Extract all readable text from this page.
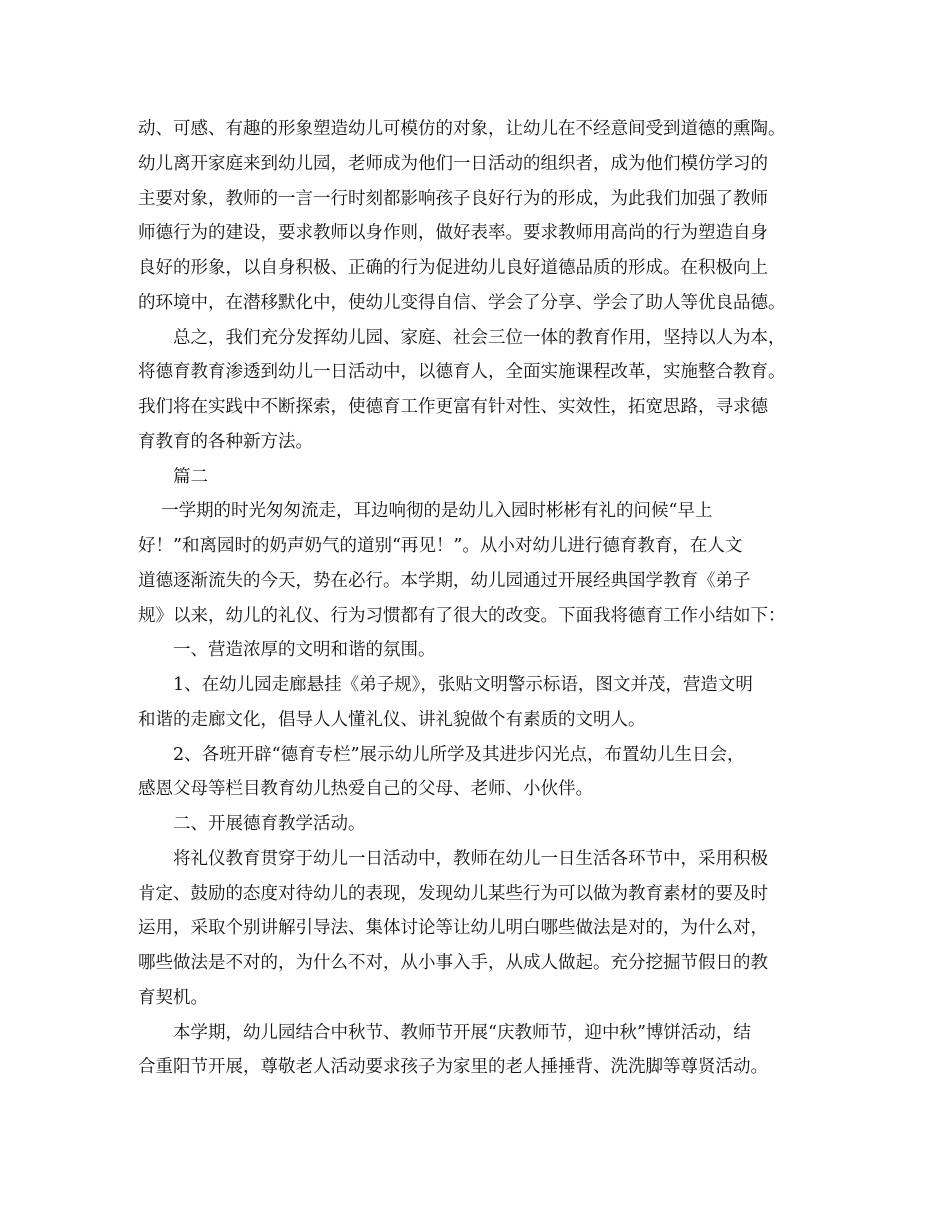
动、可感、有趣的形象塑造幼儿可模仿的对象，让幼儿在不经意间受到道德的熏陶。
幼儿离开家庭来到幼儿园，老师成为他们一日活动的组织者，成为他们模仿学习的
主要对象，教师的一言一行时刻都影响孩子良好行为的形成，为此我们加强了教师
师德行为的建设，要求教师以身作则，做好表率。要求教师用高尚的行为塑造自身
良好的形象，以自身积极、正确的行为促进幼儿良好道德品质的形成。在积极向上
的环境中，在潜移默化中，使幼儿变得自信、学会了分享、学会了助人等优良品德。
　　总之，我们充分发挥幼儿园、家庭、社会三位一体的教育作用，坚持以人为本，
将德育教育渗透到幼儿一日活动中，以德育人，全面实施课程改革，实施整合教育。
我们将在实践中不断探索，使德育工作更富有针对性、实效性，拓宽思路，寻求德
育教育的各种新方法。
　　篇二
　 一学期的时光匆匆流走，耳边响彻的是幼儿入园时彬彬有礼的问候“早上
好！”和离园时的奶声奶气的道别“再见！”。从小对幼儿进行德育教育，在人文
道德逐渐流失的今天，势在必行。本学期，幼儿园通过开展经典国学教育《弟子
规》以来，幼儿的礼仪、行为习惯都有了很大的改变。下面我将德育工作小结如下：
　　一、营造浓厚的文明和谐的氛围。
　　1、在幼儿园走廊悬挂《弟子规》，张贴文明警示标语，图文并茂，营造文明
和谐的走廊文化，倡导人人懂礼仪、讲礼貌做个有素质的文明人。
　　2、各班开辟“德育专栏”展示幼儿所学及其进步闪光点，布置幼儿生日会，
感恩父母等栏目教育幼儿热爱自己的父母、老师、小伙伴。
　　二、开展德育教学活动。
　　将礼仪教育贯穿于幼儿一日活动中，教师在幼儿一日生活各环节中，采用积极
肯定、鼓励的态度对待幼儿的表现，发现幼儿某些行为可以做为教育素材的要及时
运用，采取个别讲解引导法、集体讨论等让幼儿明白哪些做法是对的，为什么对，
哪些做法是不对的，为什么不对，从小事入手，从成人做起。充分挖掘节假日的教
育契机。
　　本学期，幼儿园结合中秋节、教师节开展“庆教师节，迎中秋”博饼活动，结
合重阳节开展，尊敬老人活动要求孩子为家里的老人捶捶背、洗洗脚等尊贤活动。
